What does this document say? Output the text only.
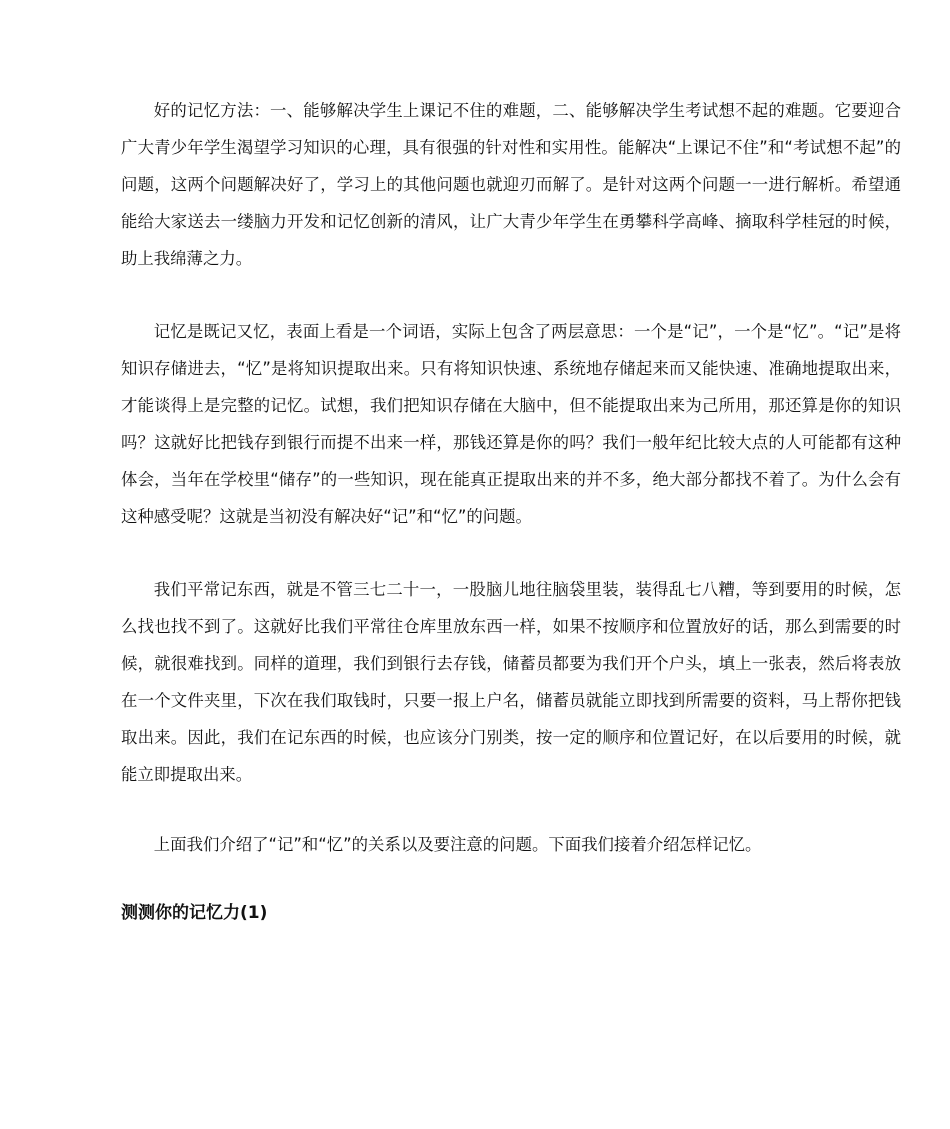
好的记忆方法：一、能够解决学生上课记不住的难题，二、能够解决学生考试想不起的难题。它要迎合广大青少年学生渴望学习知识的心理，具有很强的针对性和实用性。能解决“上课记不住”和“考试想不起”的问题，这两个问题解决好了，学习上的其他问题也就迎刃而解了。是针对这两个问题一一进行解析。希望通能给大家送去一缕脑力开发和记忆创新的清风，让广大青少年学生在勇攀科学高峰、摘取科学桂冠的时候，助上我绵薄之力。

记忆是既记又忆，表面上看是一个词语，实际上包含了两层意思：一个是“记”，一个是“忆”。“记”是将知识存储进去，“忆”是将知识提取出来。只有将知识快速、系统地存储起来而又能快速、准确地提取出来，才能谈得上是完整的记忆。试想，我们把知识存储在大脑中，但不能提取出来为己所用，那还算是你的知识吗？这就好比把钱存到银行而提不出来一样，那钱还算是你的吗？我们一般年纪比较大点的人可能都有这种体会，当年在学校里“储存”的一些知识，现在能真正提取出来的并不多，绝大部分都找不着了。为什么会有这种感受呢？这就是当初没有解决好“记”和“忆”的问题。

我们平常记东西，就是不管三七二十一，一股脑儿地往脑袋里装，装得乱七八糟，等到要用的时候，怎么找也找不到了。这就好比我们平常往仓库里放东西一样，如果不按顺序和位置放好的话，那么到需要的时候，就很难找到。同样的道理，我们到银行去存钱，储蓄员都要为我们开个户头，填上一张表，然后将表放在一个文件夹里，下次在我们取钱时，只要一报上户名，储蓄员就能立即找到所需要的资料，马上帮你把钱取出来。因此，我们在记东西的时候，也应该分门别类，按一定的顺序和位置记好，在以后要用的时候，就能立即提取出来。

上面我们介绍了“记”和“忆”的关系以及要注意的问题。下面我们接着介绍怎样记忆。

测测你的记忆力(1)
